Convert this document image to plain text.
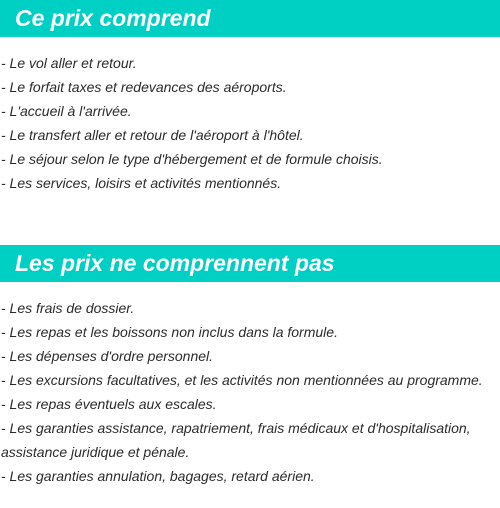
Ce prix comprend
- Le vol aller et retour.
- Le forfait taxes et redevances des aéroports.
- L'accueil à l'arrivée.
- Le transfert aller et retour de l'aéroport à l'hôtel.
- Le séjour selon le type d'hébergement et de formule choisis.
- Les services, loisirs et activités mentionnés.
Les prix ne comprennent pas
- Les frais de dossier.
- Les repas et les boissons non inclus dans la formule.
- Les dépenses d'ordre personnel.
- Les excursions facultatives, et les activités non mentionnées au programme.
- Les repas éventuels aux escales.
- Les garanties assistance, rapatriement, frais médicaux et d'hospitalisation, assistance juridique et pénale.
- Les garanties annulation, bagages, retard aérien.
